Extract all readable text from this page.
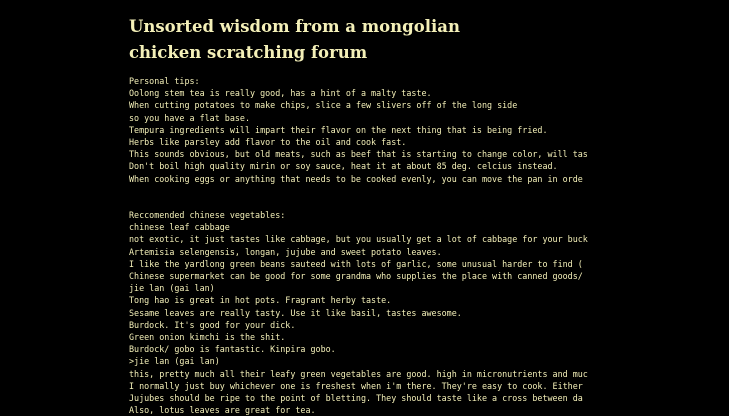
Unsorted wisdom from a mongolian
chicken scratching forum
Personal tips:
Oolong stem tea is really good, has a hint of a malty taste.
When cutting potatoes to make chips, slice a few slivers off of the long side
so you have a flat base.
Tempura ingredients will impart their flavor on the next thing that is being fried.
Herbs like parsley add flavor to the oil and cook fast.
This sounds obvious, but old meats, such as beef that is starting to change color, will tas
Don't boil high quality mirin or soy sauce, heat it at about 85 deg. celcius instead.
When cooking eggs or anything that needs to be cooked evenly, you can move the pan in orde
Reccomended chinese vegetables:
chinese leaf cabbage
not exotic, it just tastes like cabbage, but you usually get a lot of cabbage for your buck
Artemisia selengensis, longan, jujube and sweet potato leaves.
I like the yardlong green beans sauteed with lots of garlic, some unusual harder to find (
Chinese supermarket can be good for some grandma who supplies the place with canned goods/
jie lan (gai lan)
Tong hao is great in hot pots. Fragrant herby taste.
Sesame leaves are really tasty. Use it like basil, tastes awesome.
Burdock. It's good for your dick.
Green onion kimchi is the shit.
Burdock/ gobo is fantastic. Kinpira gobo.
>jie lan (gai lan)
this, pretty much all their leafy green vegetables are good. high in micronutrients and muc
I normally just buy whichever one is freshest when i'm there. They're easy to cook. Either
Jujubes should be ripe to the point of bletting. They should taste like a cross between da
Also, lotus leaves are great for tea.
